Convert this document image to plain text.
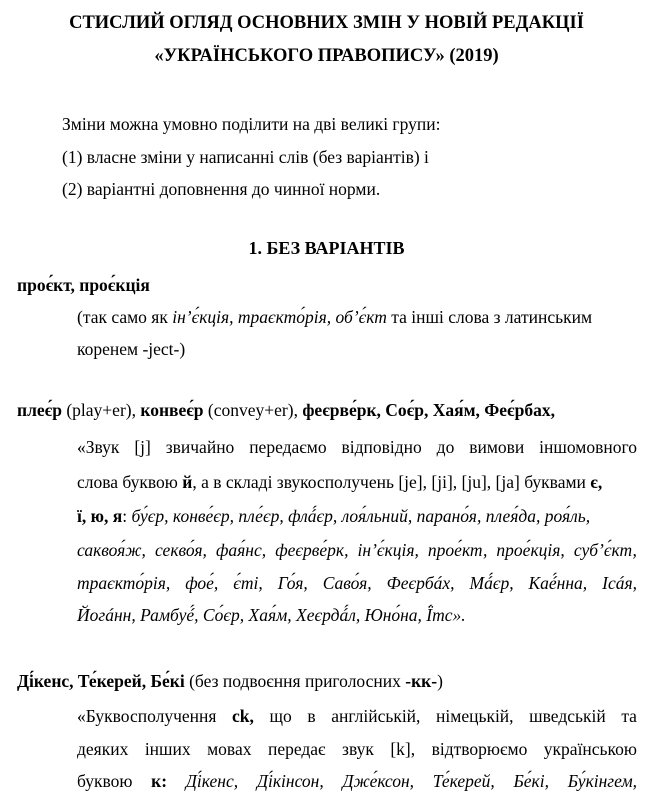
СТИСЛИЙ ОГЛЯД ОСНОВНИХ ЗМІН У НОВІЙ РЕДАКЦІЇ
«УКРАЇНСЬКОГО ПРАВОПИСУ» (2019)
Зміни можна умовно поділити на дві великі групи:
(1) власне зміни у написанні слів (без варіантів) і
(2) варіантні доповнення до чинної норми.
1. БЕЗ ВАРІАНТІВ
проє́кт, проє́кція
(так само як ін’є́кція, траєкто́рія, об’є́кт та інші слова з латинським
коренем -ject-)
плеє́р (play+er), конвеє́р (convey+er), феєрве́рк, Соє́р, Хая́м, Феє́рбах,
«Звук [j] звичайно передаємо відповідно до вимови іншомовного
слова буквою й, а в складі звукосполучень [je], [ji], [ju], [ja] буквами є,
ї, ю, я: бу́єр, конве́єр, пле́єр, флá́єр, лоя́льний, парано́я, плея́да, роя́ль,
саквоя́ж, секво́я, фая́нс, феєрве́рк, ін’є́кція, прое́кт, прое́кція, суб’є́кт,
траєкто́рія, фое́, є́ті, Го́я, Саво́я, Феєрбáх, Мá́єр, Каé́нна, Ісáя,
Йогáнн, Рамбуé́, Со́єр, Хая́м, Хеєрдá́л, Юно́на, Ї́тс».
Ді́кенс, Те́керей, Бе́кі (без подвоєння приголосних -кк-)
«Буквосполучення ck, що в англійській, німецькій, шведській та
деяких інших мовах передає звук [k], відтворюємо українською
буквою к: Ді́кенс, Ді́кінсон, Дже́ксон, Те́керей, Бе́кі, Бу́кінгем,
